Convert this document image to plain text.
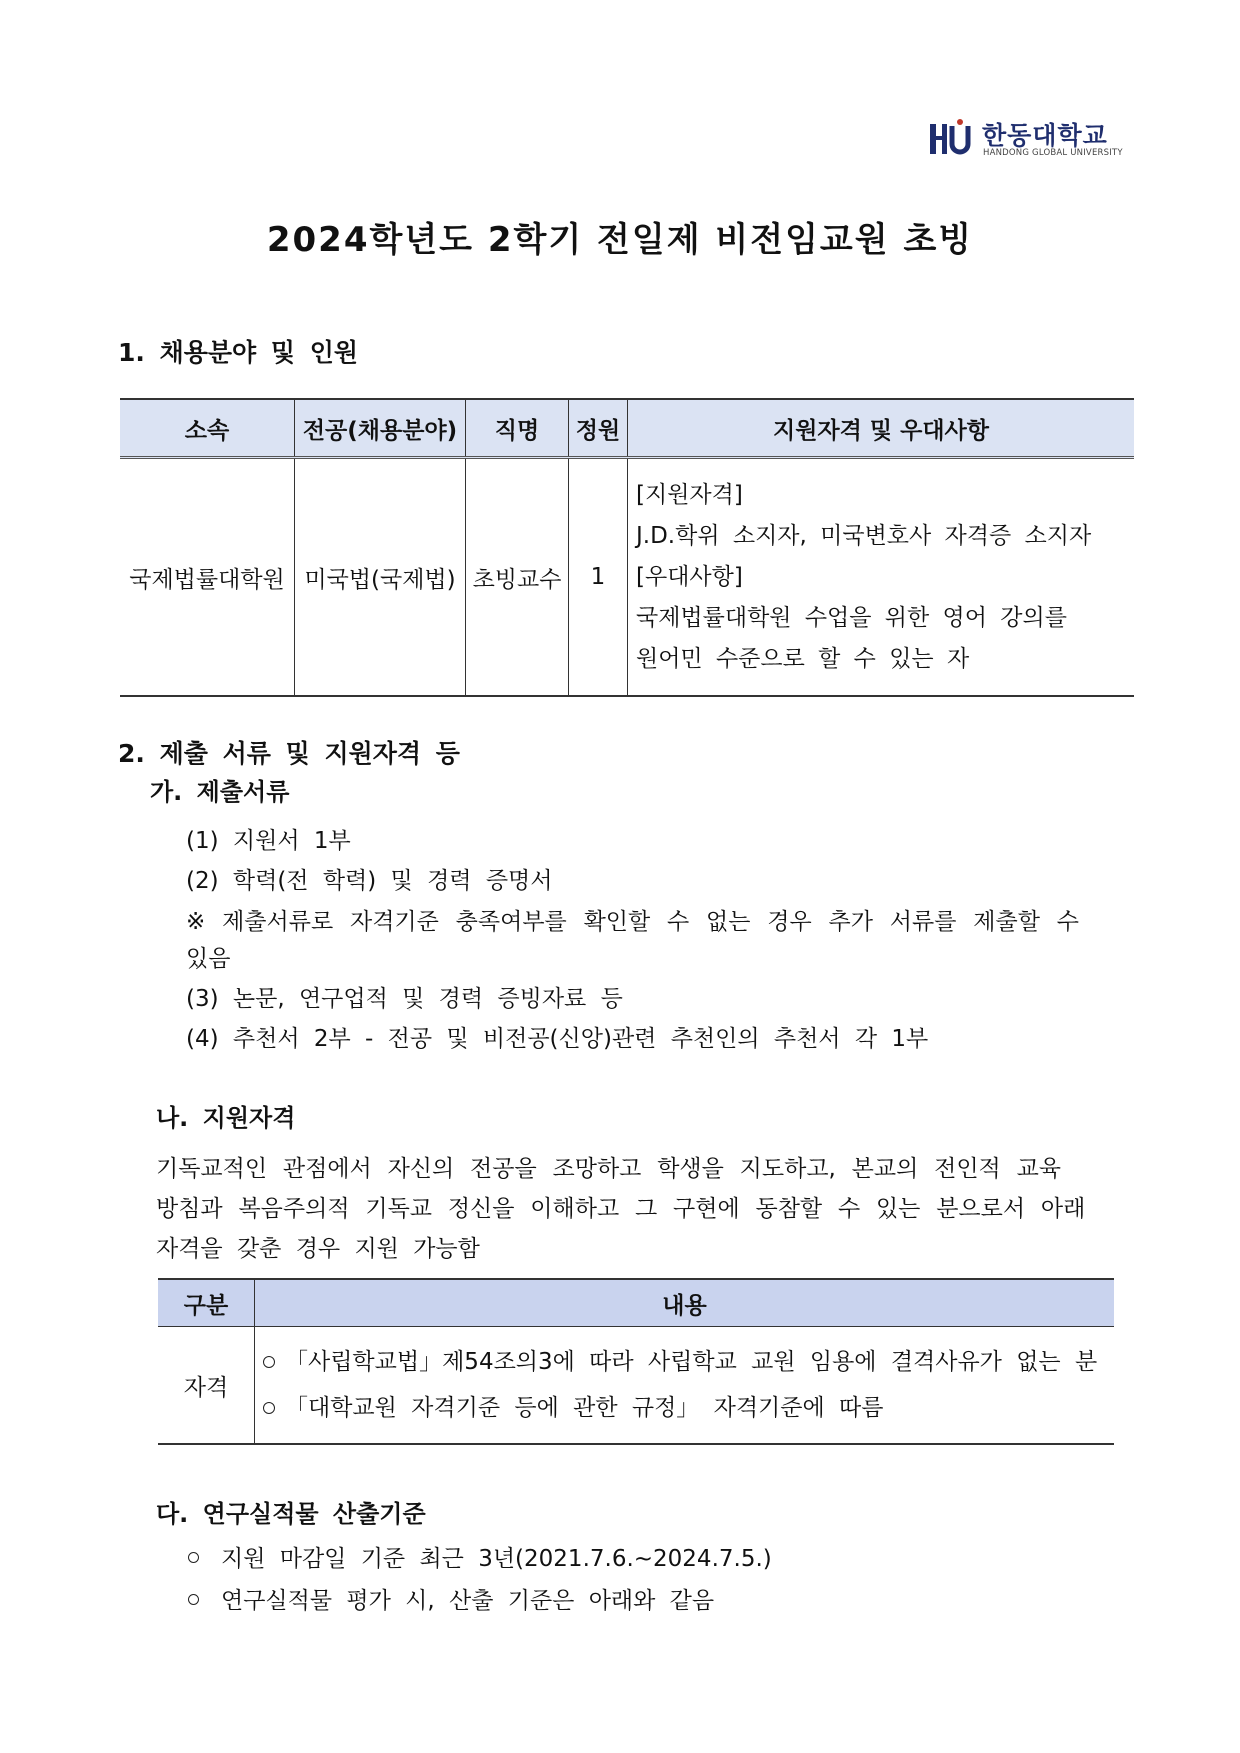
한동대학교
HANDONG GLOBAL UNIVERSITY
2024학년도 2학기 전일제 비전임교원 초빙
1. 채용분야 및 인원
소속	전공(채용분야)	직명	정원	지원자격 및 우대사항
국제법률대학원	미국법(국제법)	초빙교수	1	[지원자격]
J.D.학위 소지자, 미국변호사 자격증 소지자
[우대사항]
국제법률대학원 수업을 위한 영어 강의를
원어민 수준으로 할 수 있는 자
2. 제출 서류 및 지원자격 등
가. 제출서류
(1) 지원서 1부
(2) 학력(전 학력) 및 경력 증명서
※ 제출서류로 자격기준 충족여부를 확인할 수 없는 경우 추가 서류를 제출할 수
있음
(3) 논문, 연구업적 및 경력 증빙자료 등
(4) 추천서 2부 - 전공 및 비전공(신앙)관련 추천인의 추천서 각 1부
나. 지원자격
기독교적인 관점에서 자신의 전공을 조망하고 학생을 지도하고, 본교의 전인적 교육
방침과 복음주의적 기독교 정신을 이해하고 그 구현에 동참할 수 있는 분으로서 아래
자격을 갖춘 경우 지원 가능함
구분	내용
자격	「사립학교법」제54조의3에 따라 사립학교 교원 임용에 결격사유가 없는 분
「대학교원 자격기준 등에 관한 규정」 자격기준에 따름
다. 연구실적물 산출기준
지원 마감일 기준 최근 3년(2021.7.6.~2024.7.5.)
연구실적물 평가 시, 산출 기준은 아래와 같음
